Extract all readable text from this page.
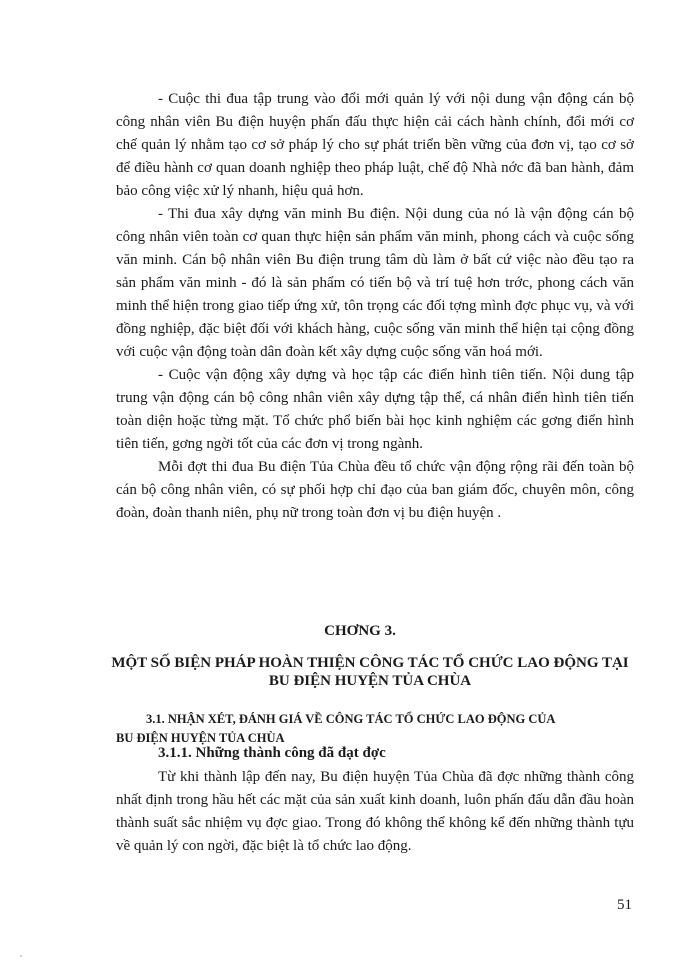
- Cuộc thi đua tập trung vào đổi mới quản lý với nội dung vận động cán bộ công nhân viên Bu điện huyện phấn đấu thực hiện cải cách hành chính, đổi mới cơ chế quản lý nhằm tạo cơ sở pháp lý cho sự phát triển bền vững của đơn vị, tạo cơ sở để điều hành cơ quan doanh nghiệp theo pháp luật, chế độ Nhà nớc đã ban hành, đảm bảo công việc xử lý nhanh, hiệu quả hơn.

- Thi đua xây dựng văn minh Bu điện. Nội dung của nó là vận động cán bộ công nhân viên toàn cơ quan thực hiện sản phẩm văn minh, phong cách và cuộc sống văn minh. Cán bộ nhân viên Bu điện trung tâm dù làm ở bất cứ việc nào đều tạo ra sản phẩm văn minh - đó là sản phẩm có tiến bộ và trí tuệ hơn trớc, phong cách văn minh thể hiện trong giao tiếp ứng xử, tôn trọng các đối tợng mình đợc phục vụ, và với đồng nghiệp, đặc biệt đối với khách hàng, cuộc sống văn minh thể hiện tại cộng đồng với cuộc vận động toàn dân đoàn kết xây dựng cuộc sống văn hoá mới.

- Cuộc vận động xây dựng và học tập các điển hình tiên tiến. Nội dung tập trung vận động cán bộ công nhân viên xây dựng tập thể, cá nhân điển hình tiên tiến toàn diện hoặc từng mặt. Tổ chức phổ biến bài học kinh nghiệm các gơng điển hình tiên tiến, gơng ngời tốt của các đơn vị trong ngành.

Mỗi đợt thi đua Bu điện Tủa Chùa đều tổ chức vận động rộng rãi đến toàn bộ cán bộ công nhân viên, có sự phối hợp chỉ đạo của ban giám đốc, chuyên môn, công đoàn, đoàn thanh niên, phụ nữ trong toàn đơn vị bu điện huyện .

CHƠNG 3.
MỘT SỐ BIỆN PHÁP HOÀN THIỆN CÔNG TÁC TỔ CHỨC LAO ĐỘNG TẠI BU ĐIỆN HUYỆN TỦA CHÙA
3.1. NHẬN XÉT, ĐÁNH GIÁ VỀ CÔNG TÁC TỔ CHỨC LAO ĐỘNG CỦA
BU ĐIỆN HUYỆN TỦA CHÙA
3.1.1. Những thành công đã đạt đợc

Từ khi thành lập đến nay, Bu điện huyện Tủa Chùa đã đợc những thành công nhất định trong hầu hết các mặt của sản xuất kinh doanh, luôn phấn đấu dẫn đầu hoàn thành suất sắc nhiệm vụ đợc giao. Trong đó không thể không kể đến những thành tựu về quản lý con ngời, đặc biệt là tổ chức lao động.

51
